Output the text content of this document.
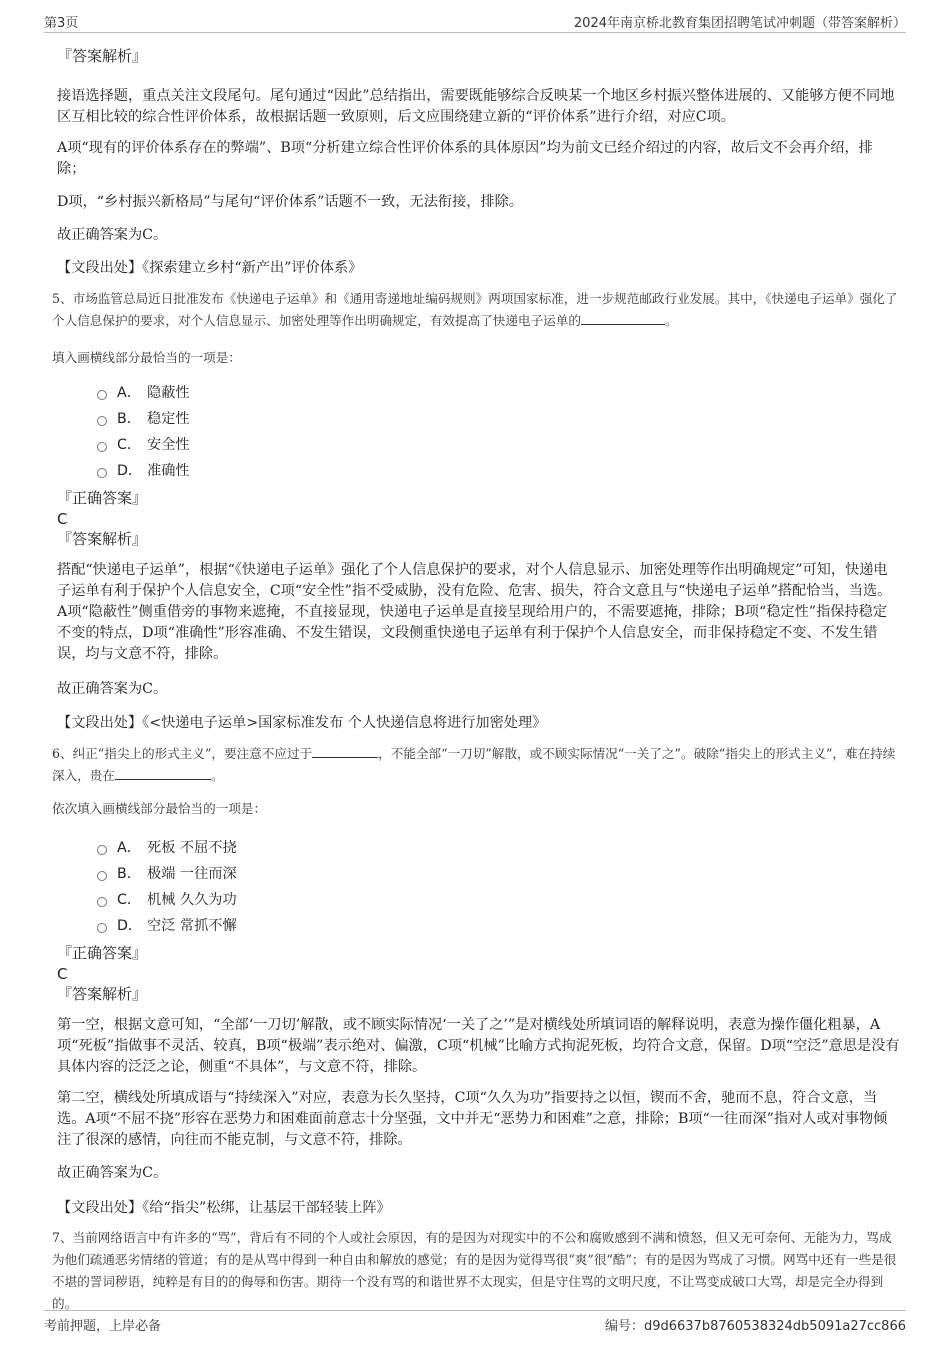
第3页	2024年南京桥北教育集团招聘笔试冲刺题（带答案解析）

『答案解析』

接语选择题，重点关注文段尾句。尾句通过“因此”总结指出，需要既能够综合反映某一个地区乡村振兴整体进展的、又能够方便不同地区互相比较的综合性评价体系，故根据话题一致原则，后文应围绕建立新的“评价体系”进行介绍，对应C项。

A项“现有的评价体系存在的弊端”、B项“分析建立综合性评价体系的具体原因”均为前文已经介绍过的内容，故后文不会再介绍，排除；

D项，“乡村振兴新格局”与尾句“评价体系”话题不一致，无法衔接，排除。

故正确答案为C。

【文段出处】《探索建立乡村“新产出”评价体系》

5、市场监管总局近日批准发布《快递电子运单》和《通用寄递地址编码规则》两项国家标准，进一步规范邮政行业发展。其中，《快递电子运单》强化了个人信息保护的要求，对个人信息显示、加密处理等作出明确规定，有效提高了快递电子运单的	。

填入画横线部分最恰当的一项是：

A． 隐蔽性
B． 稳定性
C． 安全性
D． 准确性

『正确答案』

C

『答案解析』

搭配“快递电子运单”，根据“《快递电子运单》强化了个人信息保护的要求，对个人信息显示、加密处理等作出明确规定”可知，快递电子运单有利于保护个人信息安全，C项“安全性”指不受威胁，没有危险、危害、损失，符合文意且与“快递电子运单”搭配恰当，当选。A项“隐蔽性”侧重借旁的事物来遮掩，不直接显现，快递电子运单是直接呈现给用户的，不需要遮掩，排除；B项“稳定性”指保持稳定不变的特点，D项“准确性”形容准确、不发生错误，文段侧重快递电子运单有利于保护个人信息安全，而非保持稳定不变、不发生错误，均与文意不符，排除。

故正确答案为C。

【文段出处】《<快递电子运单>国家标准发布 个人快递信息将进行加密处理》

6、纠正“指尖上的形式主义”，要注意不应过于	，不能全部“一刀切”解散，或不顾实际情况“一关了之”。破除“指尖上的形式主义”，难在持续深入，贵在	。

依次填入画横线部分最恰当的一项是：

A． 死板 不屈不挠
B． 极端 一往而深
C． 机械 久久为功
D． 空泛 常抓不懈

『正确答案』

C

『答案解析』

第一空，根据文意可知，“全部‘一刀切’解散，或不顾实际情况‘一关了之’”是对横线处所填词语的解释说明，表意为操作僵化粗暴，A项“死板”指做事不灵活、较真，B项“极端”表示绝对、偏激，C项“机械”比喻方式拘泥死板，均符合文意，保留。D项“空泛”意思是没有具体内容的泛泛之论，侧重“不具体”，与文意不符，排除。

第二空，横线处所填成语与“持续深入”对应，表意为长久坚持，C项“久久为功”指要持之以恒，锲而不舍，驰而不息，符合文意，当选。A项“不屈不挠”形容在恶势力和困难面前意志十分坚强，文中并无“恶势力和困难”之意，排除；B项“一往而深”指对人或对事物倾注了很深的感情，向往而不能克制，与文意不符，排除。

故正确答案为C。

【文段出处】《给“指尖”松绑，让基层干部轻装上阵》

7、当前网络语言中有许多的“骂”，背后有不同的个人或社会原因，有的是因为对现实中的不公和腐败感到不满和愤怒，但又无可奈何、无能为力，骂成为他们疏通恶劣情绪的管道；有的是从骂中得到一种自由和解放的感觉；有的是因为觉得骂很“爽”很“酷”；有的是因为骂成了习惯。网骂中还有一些是很不堪的詈词秽语，纯粹是有目的的侮辱和伤害。期待一个没有骂的和谐世界不太现实，但是守住骂的文明尺度，不让骂变成破口大骂，却是完全办得到的。

考前押题，上岸必备	编号：d9d6637b8760538324db5091a27cc866
